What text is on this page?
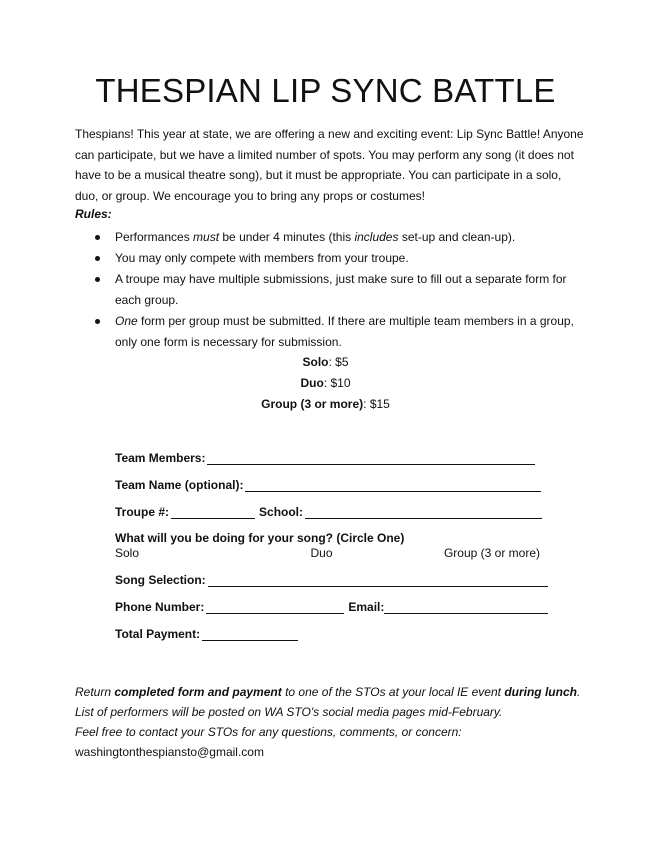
THESPIAN LIP SYNC BATTLE

Thespians! This year at state, we are offering a new and exciting event: Lip Sync Battle! Anyone can participate, but we have a limited number of spots. You may perform any song (it does not have to be a musical theatre song), but it must be appropriate. You can participate in a solo, duo, or group. We encourage you to bring any props or costumes!

Rules:
Performances must be under 4 minutes (this includes set-up and clean-up).
You may only compete with members from your troupe.
A troupe may have multiple submissions, just make sure to fill out a separate form for each group.
One form per group must be submitted. If there are multiple team members in a group, only one form is necessary for submission.
Solo: $5
Duo: $10
Group (3 or more): $15
Team Members:
Team Name (optional):
Troupe #:	School:
What will you be doing for your song? (Circle One)
Solo	Duo	Group (3 or more)
Song Selection:
Phone Number:	Email:
Total Payment:
Return completed form and payment to one of the STOs at your local IE event during lunch.
List of performers will be posted on WA STO's social media pages mid-February.
Feel free to contact your STOs for any questions, comments, or concern:
washingtonthespiansto@gmail.com
